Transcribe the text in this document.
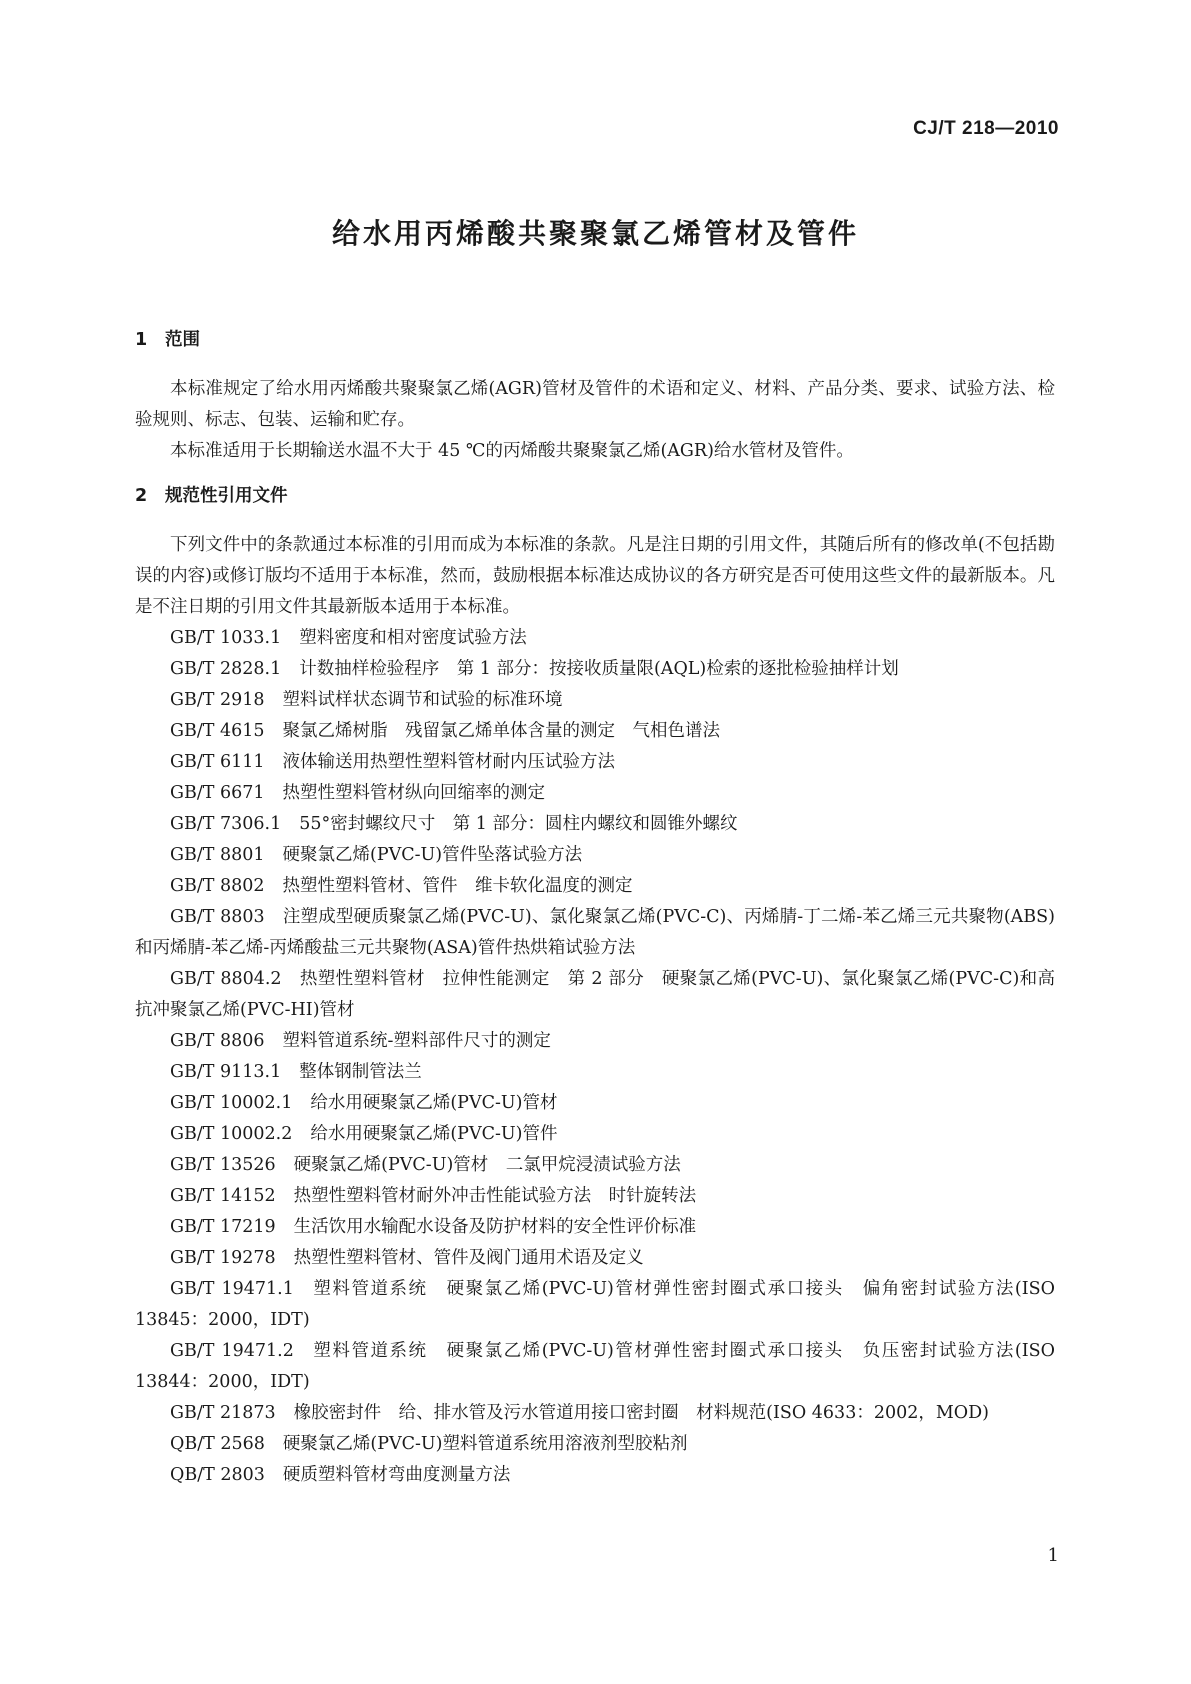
CJ/T 218—2010
给水用丙烯酸共聚聚氯乙烯管材及管件
1 范围

本标准规定了给水用丙烯酸共聚聚氯乙烯(AGR)管材及管件的术语和定义、材料、产品分类、要求、试验方法、检验规则、标志、包装、运输和贮存。

本标准适用于长期输送水温不大于 45 ℃的丙烯酸共聚聚氯乙烯(AGR)给水管材及管件。

2 规范性引用文件

下列文件中的条款通过本标准的引用而成为本标准的条款。凡是注日期的引用文件，其随后所有的修改单(不包括勘误的内容)或修订版均不适用于本标准，然而，鼓励根据本标准达成协议的各方研究是否可使用这些文件的最新版本。凡是不注日期的引用文件其最新版本适用于本标准。

GB/T 1033.1 塑料密度和相对密度试验方法

GB/T 2828.1 计数抽样检验程序　第 1 部分：按接收质量限(AQL)检索的逐批检验抽样计划

GB/T 2918 塑料试样状态调节和试验的标准环境

GB/T 4615 聚氯乙烯树脂　残留氯乙烯单体含量的测定　气相色谱法

GB/T 6111 液体输送用热塑性塑料管材耐内压试验方法

GB/T 6671 热塑性塑料管材纵向回缩率的测定

GB/T 7306.1 55°密封螺纹尺寸　第 1 部分：圆柱内螺纹和圆锥外螺纹

GB/T 8801 硬聚氯乙烯(PVC-U)管件坠落试验方法

GB/T 8802 热塑性塑料管材、管件　维卡软化温度的测定

GB/T 8803 注塑成型硬质聚氯乙烯(PVC-U)、氯化聚氯乙烯(PVC-C)、丙烯腈-丁二烯-苯乙烯三元共聚物(ABS)和丙烯腈-苯乙烯-丙烯酸盐三元共聚物(ASA)管件热烘箱试验方法

GB/T 8804.2 热塑性塑料管材　拉伸性能测定　第 2 部分　硬聚氯乙烯(PVC-U)、氯化聚氯乙烯(PVC-C)和高抗冲聚氯乙烯(PVC-HI)管材

GB/T 8806 塑料管道系统-塑料部件尺寸的测定

GB/T 9113.1 整体钢制管法兰

GB/T 10002.1 给水用硬聚氯乙烯(PVC-U)管材

GB/T 10002.2 给水用硬聚氯乙烯(PVC-U)管件

GB/T 13526 硬聚氯乙烯(PVC-U)管材　二氯甲烷浸渍试验方法

GB/T 14152 热塑性塑料管材耐外冲击性能试验方法　时针旋转法

GB/T 17219 生活饮用水输配水设备及防护材料的安全性评价标准

GB/T 19278 热塑性塑料管材、管件及阀门通用术语及定义

GB/T 19471.1 塑料管道系统　硬聚氯乙烯(PVC-U)管材弹性密封圈式承口接头　偏角密封试验方法(ISO 13845：2000，IDT)

GB/T 19471.2 塑料管道系统　硬聚氯乙烯(PVC-U)管材弹性密封圈式承口接头　负压密封试验方法(ISO 13844：2000，IDT)

GB/T 21873 橡胶密封件　给、排水管及污水管道用接口密封圈　材料规范(ISO 4633：2002，MOD)

QB/T 2568 硬聚氯乙烯(PVC-U)塑料管道系统用溶液剂型胶粘剂

QB/T 2803 硬质塑料管材弯曲度测量方法

1
